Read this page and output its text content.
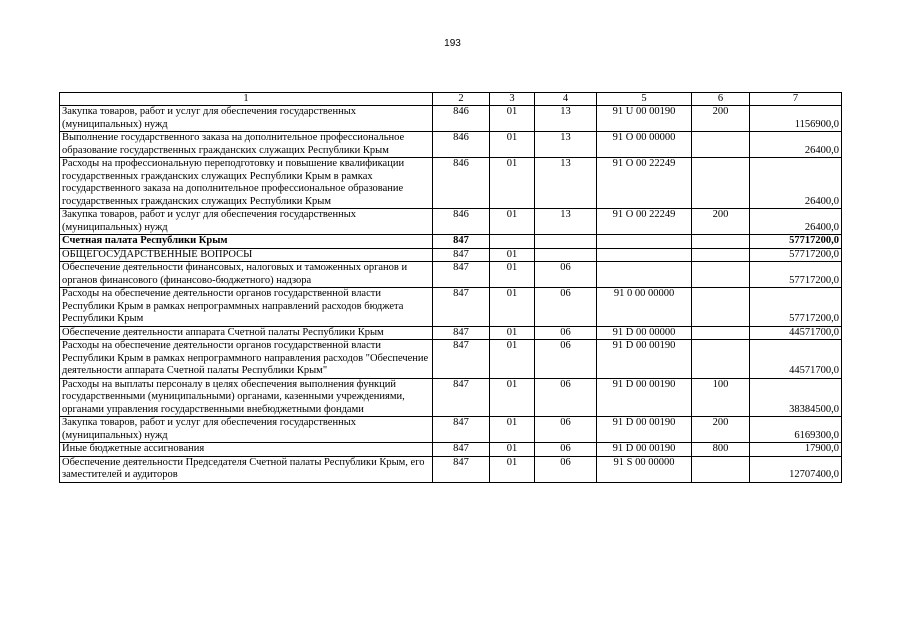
193
1	2	3	4	5	6	7
Закупка товаров, работ и услуг для обеспечения государственных (муниципальных) нужд	846	01	13	91 U 00 00190	200	1156900,0
Выполнение государственного заказа на дополнительное профессиональное образование государственных гражданских служащих Республики Крым	846	01	13	91 О 00 00000		26400,0
Расходы на профессиональную переподготовку и повышение квалификации государственных гражданских служащих Республики Крым в рамках государственного заказа на дополнительное профессиональное образование государственных гражданских служащих Республики Крым	846	01	13	91 О 00 22249		26400,0
Закупка товаров, работ и услуг для обеспечения государственных (муниципальных) нужд	846	01	13	91 О 00 22249	200	26400,0
Счетная палата Республики Крым	847					57717200,0
ОБЩЕГОСУДАРСТВЕННЫЕ ВОПРОСЫ	847	01				57717200,0
Обеспечение деятельности финансовых, налоговых и таможенных органов и органов финансового (финансово-бюджетного) надзора	847	01	06			57717200,0
Расходы на обеспечение деятельности органов государственной власти Республики Крым в рамках непрограммных направлений расходов бюджета Республики Крым	847	01	06	91 0 00 00000		57717200,0
Обеспечение деятельности аппарата Счетной палаты Республики Крым	847	01	06	91 D 00 00000		44571700,0
Расходы на обеспечение деятельности органов государственной власти Республики Крым в рамках непрограммного направления расходов "Обеспечение деятельности аппарата Счетной палаты Республики Крым"	847	01	06	91 D 00 00190		44571700,0
Расходы на выплаты персоналу в целях обеспечения выполнения функций государственными (муниципальными) органами, казенными учреждениями, органами управления государственными внебюджетными фондами	847	01	06	91 D 00 00190	100	38384500,0
Закупка товаров, работ и услуг для обеспечения государственных (муниципальных) нужд	847	01	06	91 D 00 00190	200	6169300,0
Иные бюджетные ассигнования	847	01	06	91 D 00 00190	800	17900,0
Обеспечение деятельности Председателя Счетной палаты Республики Крым, его заместителей и аудиторов	847	01	06	91 S 00 00000		12707400,0
